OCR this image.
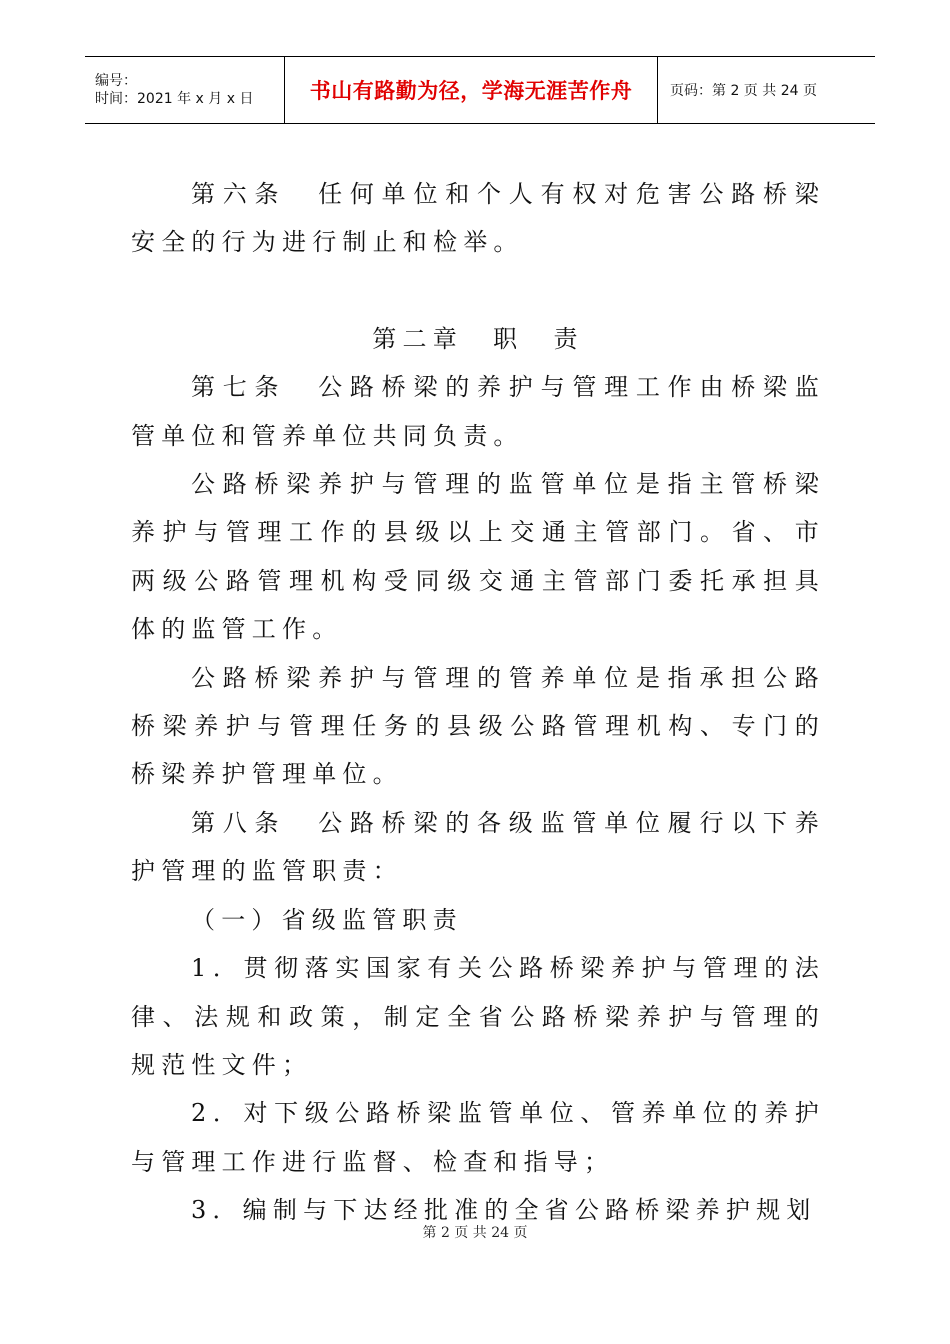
编号：
时间：2021 年 x 月 x 日	书山有路勤为径，学海无涯苦作舟	页码：第 2 页 共 24 页

第六条　任何单位和个人有权对危害公路桥梁安全的行为进行制止和检举。

第二章　职　责

第七条　公路桥梁的养护与管理工作由桥梁监管单位和管养单位共同负责。

公路桥梁养护与管理的监管单位是指主管桥梁养护与管理工作的县级以上交通主管部门。省、市两级公路管理机构受同级交通主管部门委托承担具体的监管工作。

公路桥梁养护与管理的管养单位是指承担公路桥梁养护与管理任务的县级公路管理机构、专门的桥梁养护管理单位。

第八条　公路桥梁的各级监管单位履行以下养护管理的监管职责：

（一）省级监管职责

1．贯彻落实国家有关公路桥梁养护与管理的法律、法规和政策，制定全省公路桥梁养护与管理的规范性文件；

2．对下级公路桥梁监管单位、管养单位的养护与管理工作进行监督、检查和指导；

3．编制与下达经批准的全省公路桥梁养护规划

第 2 页 共 24 页
